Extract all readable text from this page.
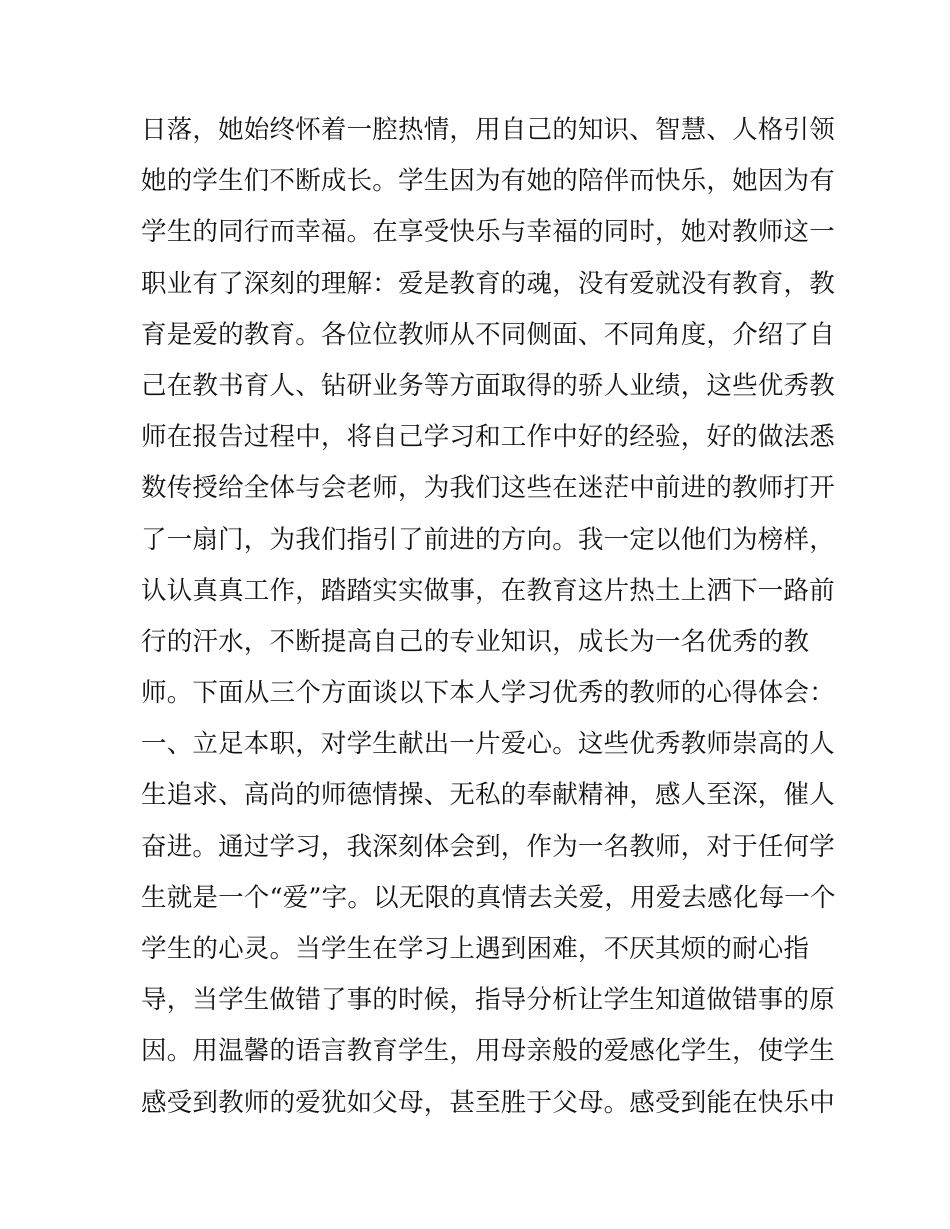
日落，她始终怀着一腔热情，用自己的知识、智慧、人格引领
她的学生们不断成长。学生因为有她的陪伴而快乐，她因为有
学生的同行而幸福。在享受快乐与幸福的同时，她对教师这一
职业有了深刻的理解：爱是教育的魂，没有爱就没有教育，教
育是爱的教育。各位位教师从不同侧面、不同角度，介绍了自
己在教书育人、钻研业务等方面取得的骄人业绩，这些优秀教
师在报告过程中，将自己学习和工作中好的经验，好的做法悉
数传授给全体与会老师，为我们这些在迷茫中前进的教师打开
了一扇门，为我们指引了前进的方向。我一定以他们为榜样，
认认真真工作，踏踏实实做事，在教育这片热土上洒下一路前
行的汗水，不断提高自己的专业知识，成长为一名优秀的教
师。下面从三个方面谈以下本人学习优秀的教师的心得体会：
一、立足本职，对学生献出一片爱心。这些优秀教师崇高的人
生追求、高尚的师德情操、无私的奉献精神，感人至深，催人
奋进。通过学习，我深刻体会到，作为一名教师，对于任何学
生就是一个“爱”字。以无限的真情去关爱，用爱去感化每一个
学生的心灵。当学生在学习上遇到困难，不厌其烦的耐心指
导，当学生做错了事的时候，指导分析让学生知道做错事的原
因。用温馨的语言教育学生，用母亲般的爱感化学生，使学生
感受到教师的爱犹如父母，甚至胜于父母。感受到能在快乐中
